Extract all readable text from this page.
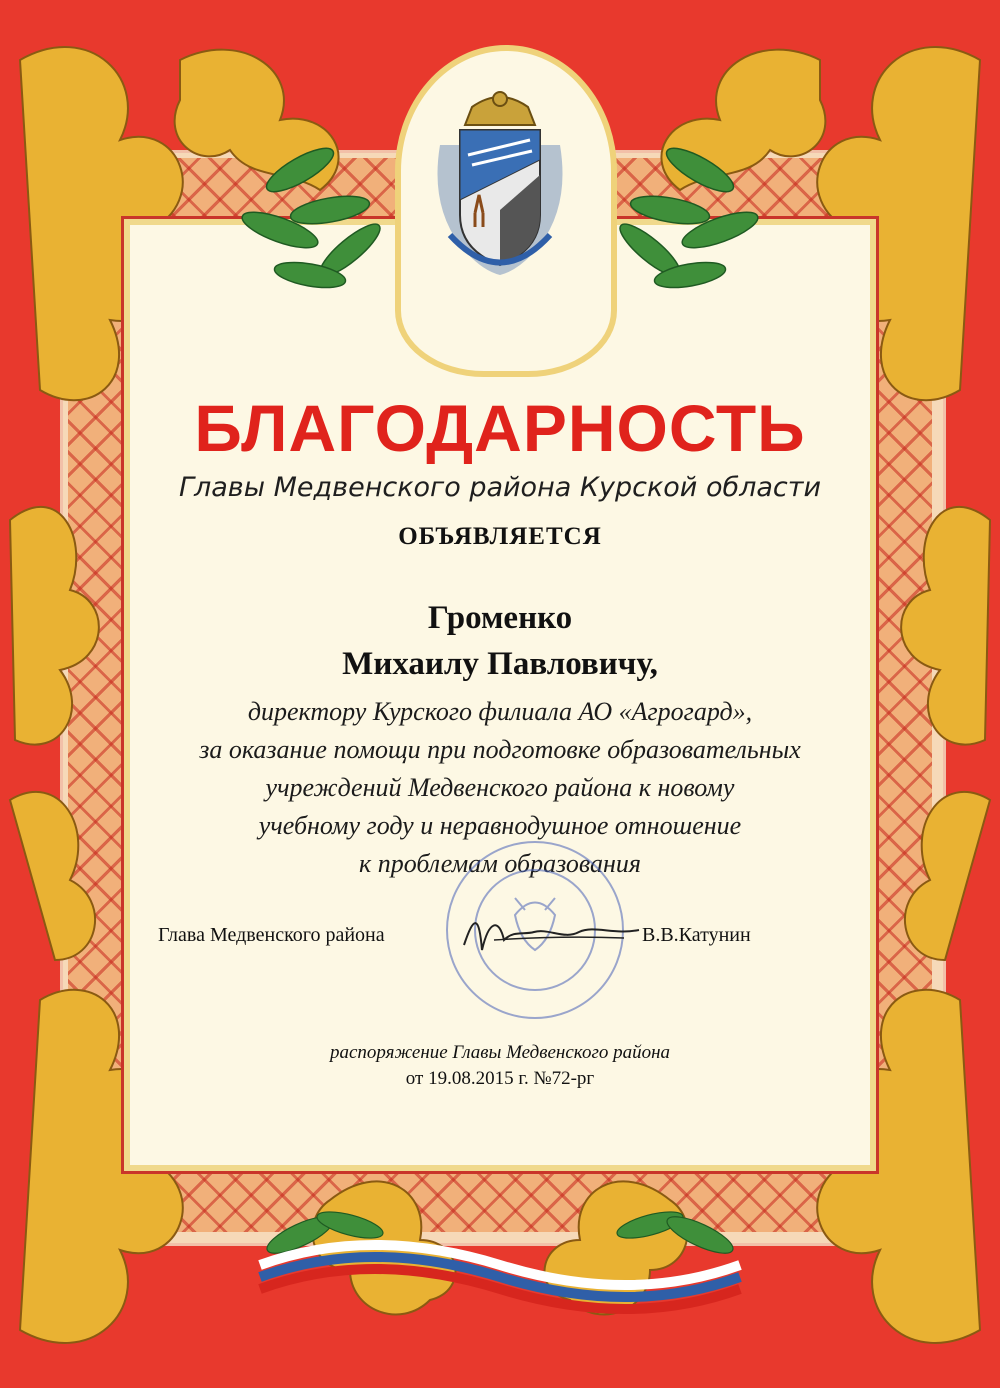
БЛАГОДАРНОСТЬ
Главы Медвенского района Курской области
ОБЪЯВЛЯЕТСЯ
Громенко
Михаилу Павловичу,
директору Курского филиала АО «Агрогард»,
за оказание помощи при подготовке образовательных
учреждений Медвенского района к новому
учебному году и неравнодушное отношение
к проблемам образования
Глава Медвенского района	В.В.Катунин
распоряжение Главы Медвенского района
от 19.08.2015 г. №72-рг
